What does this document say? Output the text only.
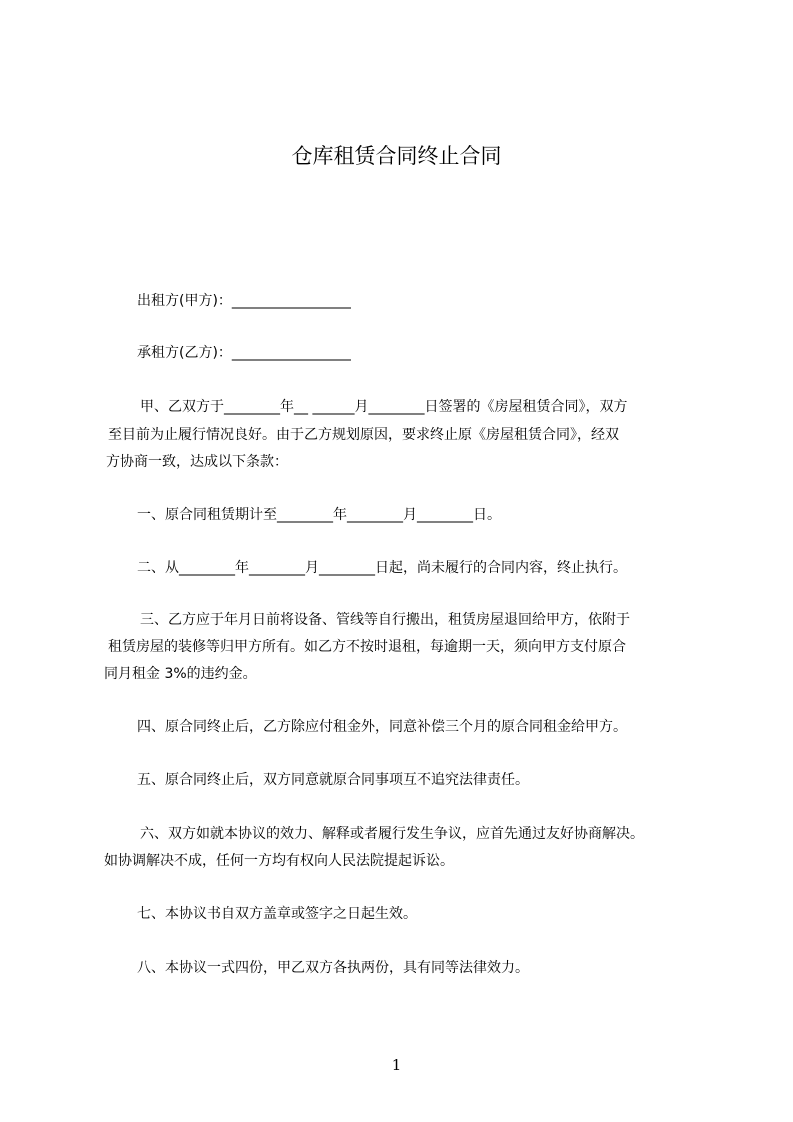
仓库租赁合同终止合同
出租方(甲方)：_________________
承租方(乙方)：_________________
甲、乙双方于________年__ ______月________日签署的《房屋租赁合同》，双方
至目前为止履行情况良好。由于乙方规划原因，要求终止原《房屋租赁合同》，经双
方协商一致，达成以下条款：
一、原合同租赁期计至________年________月________日。
二、从________年________月________日起，尚未履行的合同内容，终止执行。
三、乙方应于年月日前将设备、管线等自行搬出，租赁房屋退回给甲方，依附于
租赁房屋的装修等归甲方所有。如乙方不按时退租，每逾期一天，须向甲方支付原合
同月租金 3%的违约金。
四、原合同终止后，乙方除应付租金外，同意补偿三个月的原合同租金给甲方。
五、原合同终止后，双方同意就原合同事项互不追究法律责任。
六、双方如就本协议的效力、解释或者履行发生争议，应首先通过友好协商解决。
如协调解决不成，任何一方均有权向人民法院提起诉讼。
七、本协议书自双方盖章或签字之日起生效。
八、本协议一式四份，甲乙双方各执两份，具有同等法律效力。
1
